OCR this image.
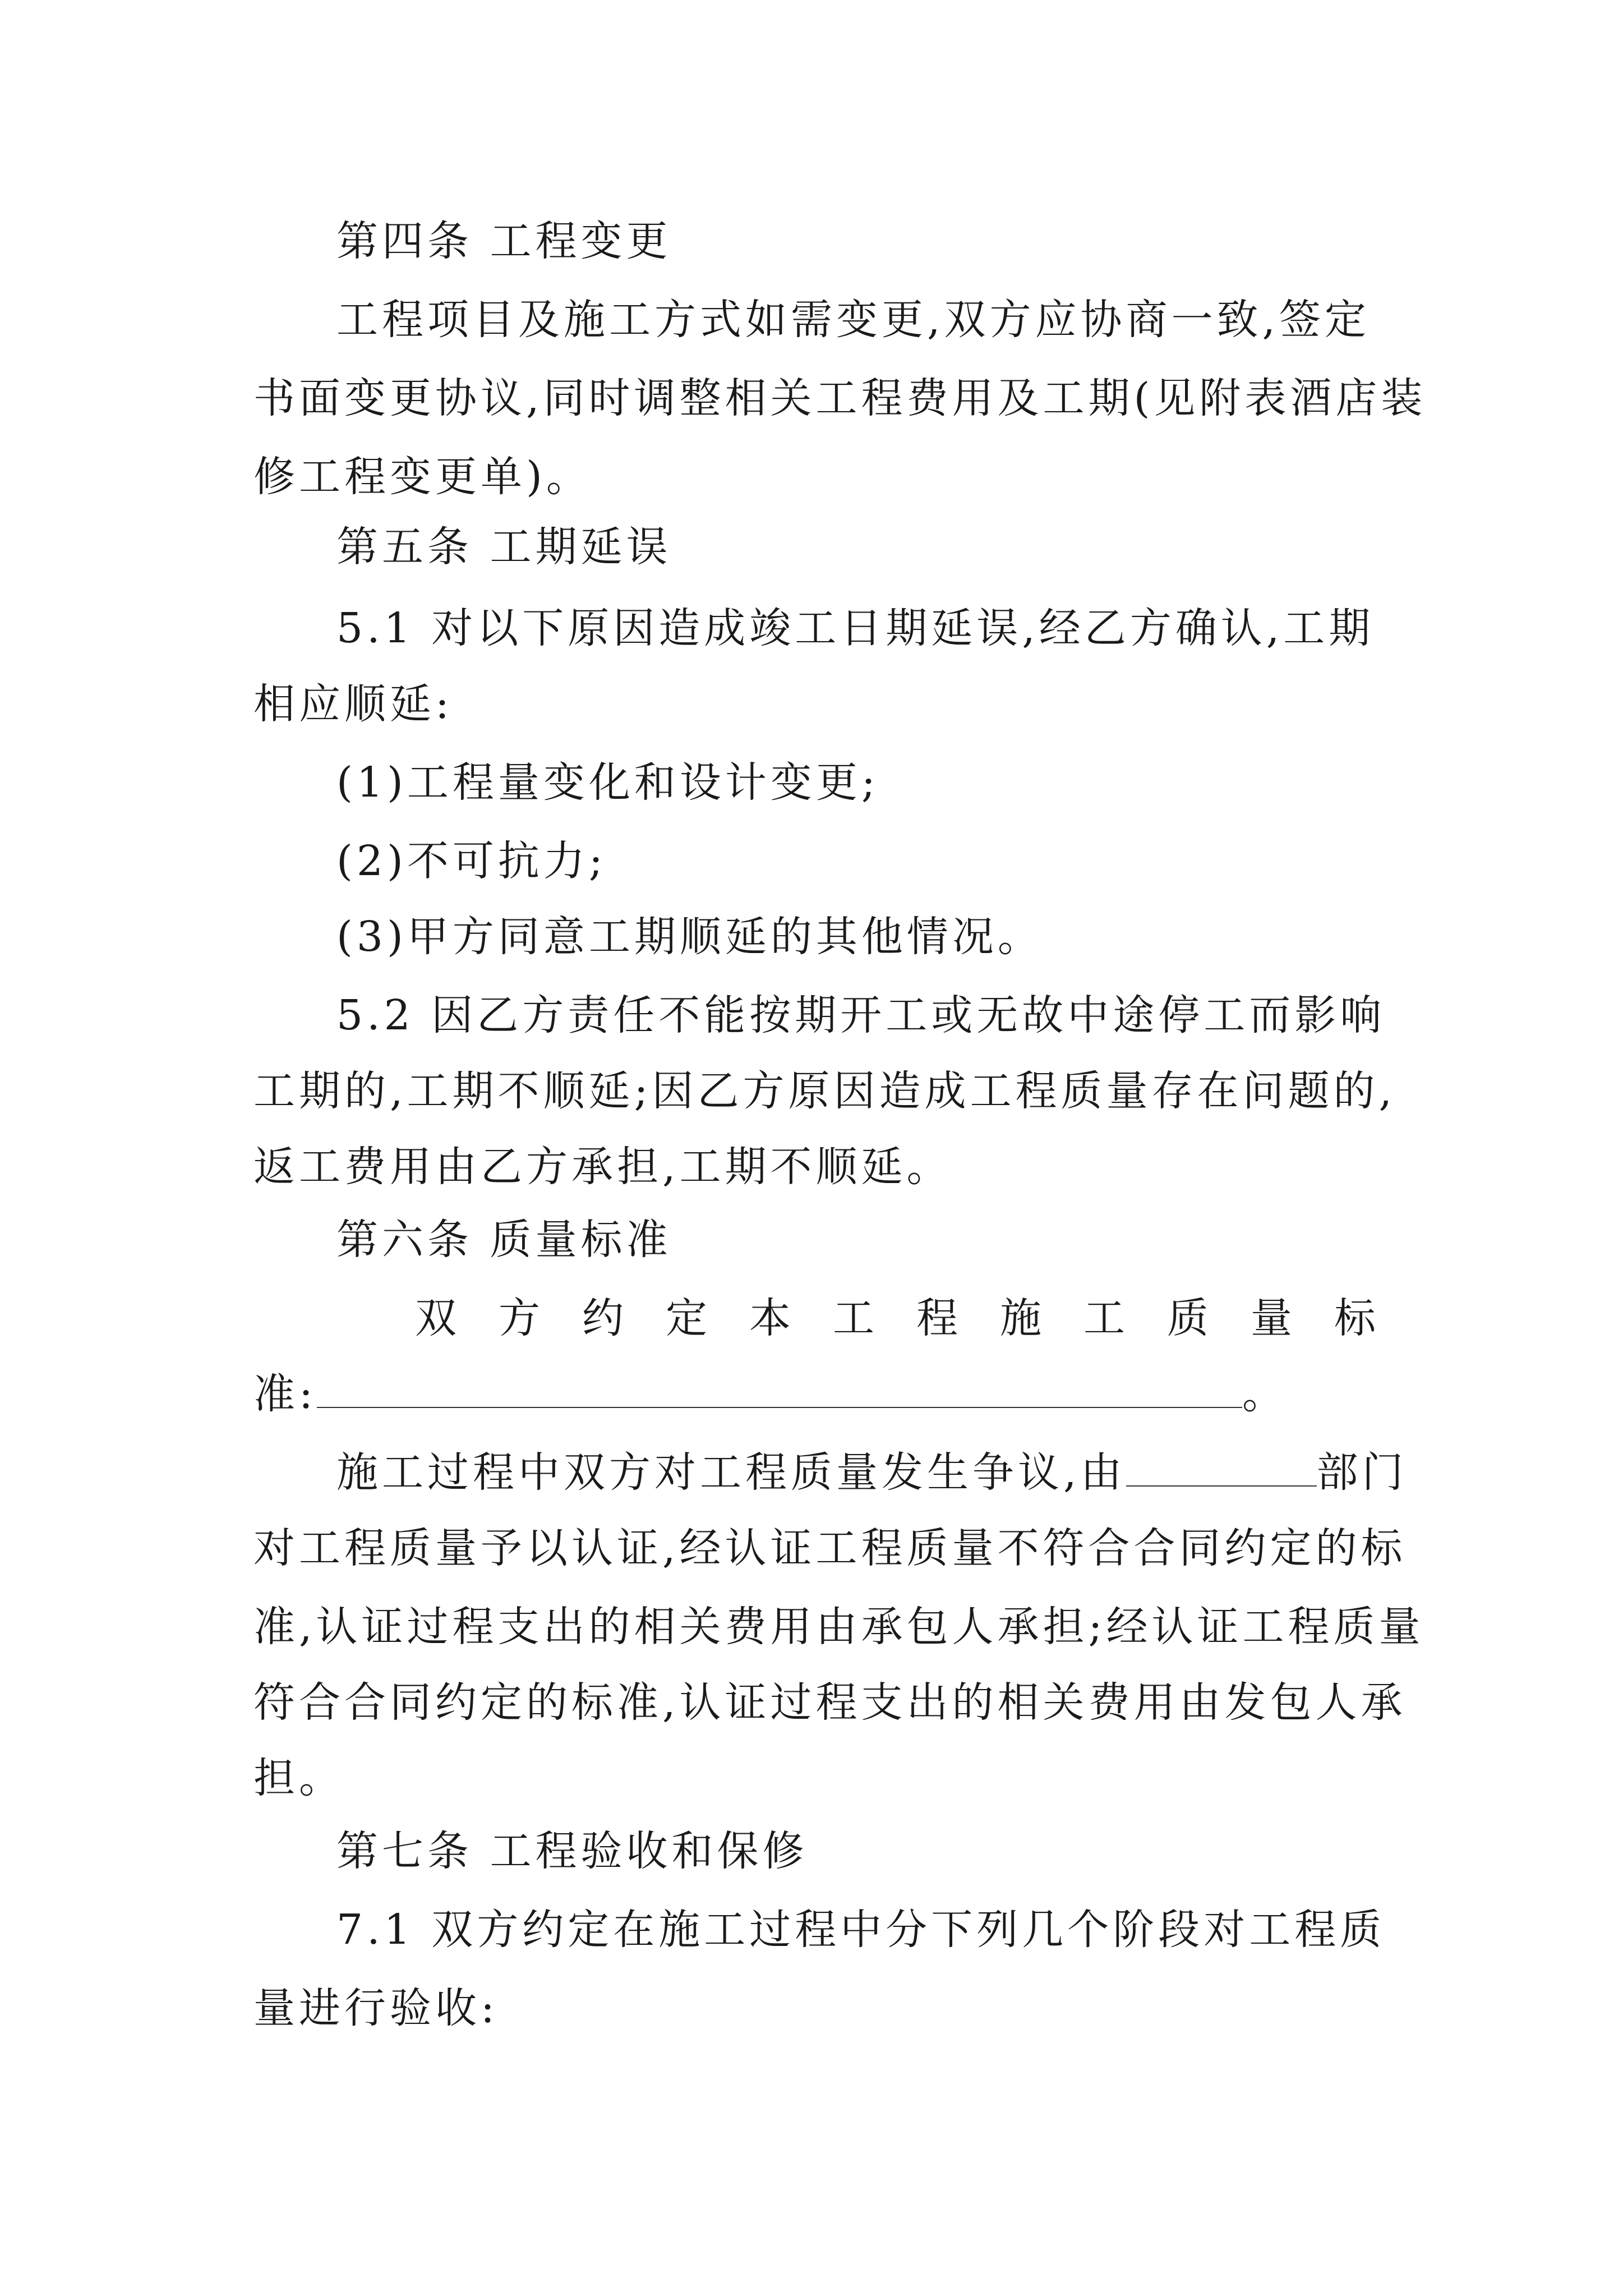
第四条 工程变更
工程项目及施工方式如需变更,双方应协商一致,签定
书面变更协议,同时调整相关工程费用及工期(见附表酒店装
修工程变更单)。
第五条 工期延误
5.1 对以下原因造成竣工日期延误,经乙方确认,工期
相应顺延:
(1)工程量变化和设计变更;
(2)不可抗力;
(3)甲方同意工期顺延的其他情况。
5.2 因乙方责任不能按期开工或无故中途停工而影响
工期的,工期不顺延;因乙方原因造成工程质量存在问题的,
返工费用由乙方承担,工期不顺延。
第六条 质量标准
双 方 约 定 本 工 程 施 工 质 量 标
准:	。
施工过程中双方对工程质量发生争议,由	部门
对工程质量予以认证,经认证工程质量不符合合同约定的标
准,认证过程支出的相关费用由承包人承担;经认证工程质量
符合合同约定的标准,认证过程支出的相关费用由发包人承
担。
第七条 工程验收和保修
7.1 双方约定在施工过程中分下列几个阶段对工程质
量进行验收:
